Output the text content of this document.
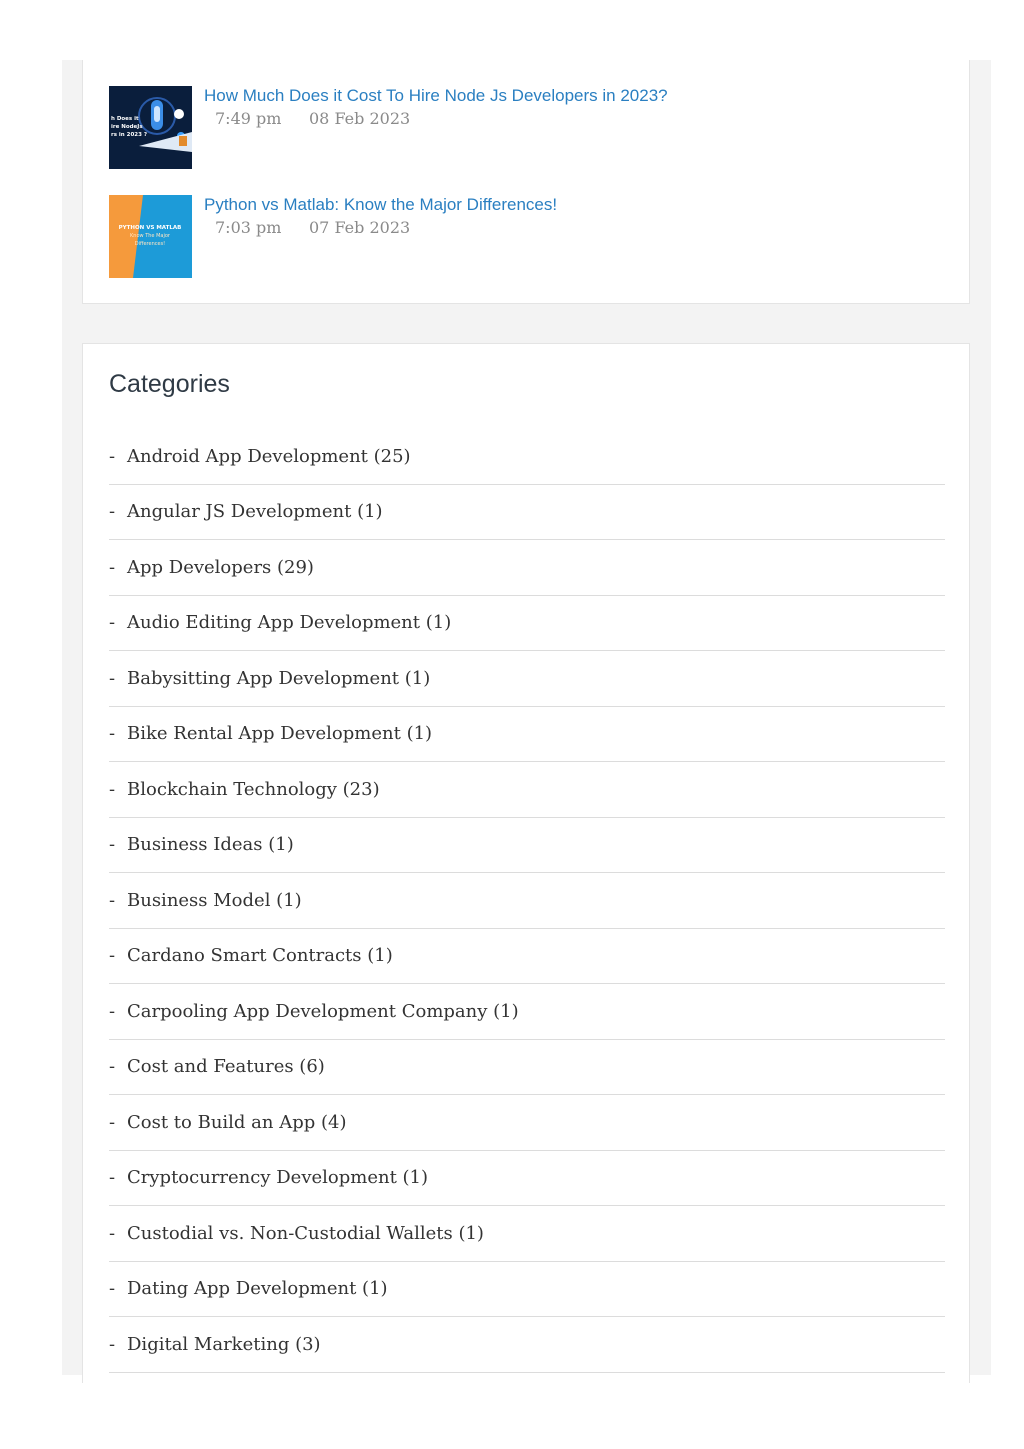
h Does it
ire NodeJs
rs in 2023 ?
How Much Does it Cost To Hire Node Js Developers in 2023?
7:49 pm 08 Feb 2023
PYTHON VS MATLAB
Know The Major
Differences!
Python vs Matlab: Know the Major Differences!
7:03 pm 07 Feb 2023
Categories
- Android App Development (25)
- Angular JS Development (1)
- App Developers (29)
- Audio Editing App Development (1)
- Babysitting App Development (1)
- Bike Rental App Development (1)
- Blockchain Technology (23)
- Business Ideas (1)
- Business Model (1)
- Cardano Smart Contracts (1)
- Carpooling App Development Company (1)
- Cost and Features (6)
- Cost to Build an App (4)
- Cryptocurrency Development (1)
- Custodial vs. Non-Custodial Wallets (1)
- Dating App Development (1)
- Digital Marketing (3)
